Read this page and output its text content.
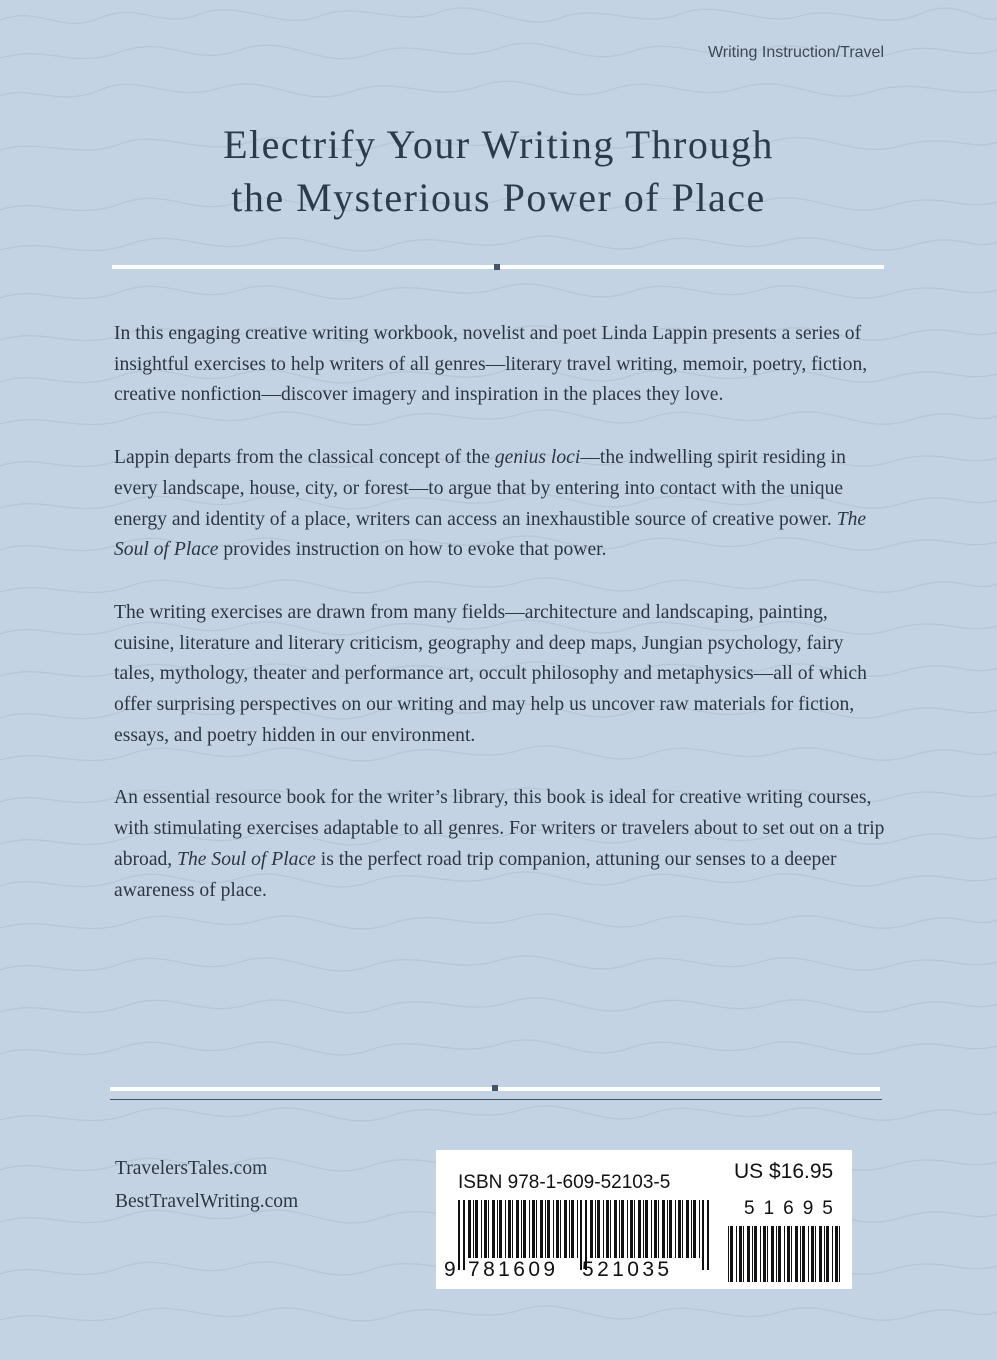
Writing Instruction/Travel
Electrify Your Writing Through
the Mysterious Power of Place

In this engaging creative writing workbook, novelist and poet Linda Lappin presents a series of insightful exercises to help writers of all genres—literary travel writing, memoir, poetry, fiction, creative nonfiction—discover imagery and inspiration in the places they love.

Lappin departs from the classical concept of the genius loci—the indwelling spirit residing in every landscape, house, city, or forest—to argue that by entering into contact with the unique energy and identity of a place, writers can access an inexhaustible source of creative power. The Soul of Place provides instruction on how to evoke that power.

The writing exercises are drawn from many fields—architecture and landscaping, painting, cuisine, literature and literary criticism, geography and deep maps, Jungian psychology, fairy tales, mythology, theater and performance art, occult philosophy and metaphysics—all of which offer surprising perspectives on our writing and may help us uncover raw materials for fiction, essays, and poetry hidden in our environment.

An essential resource book for the writer’s library, this book is ideal for creative writing courses, with stimulating exercises adaptable to all genres. For writers or travelers about to set out on a trip abroad, The Soul of Place is the perfect road trip companion, attuning our senses to a deeper awareness of place.

TravelersTales.com
BestTravelWriting.com
ISBN 978-1-609-52103-5	US $16.95
51695
9 781609 521035
